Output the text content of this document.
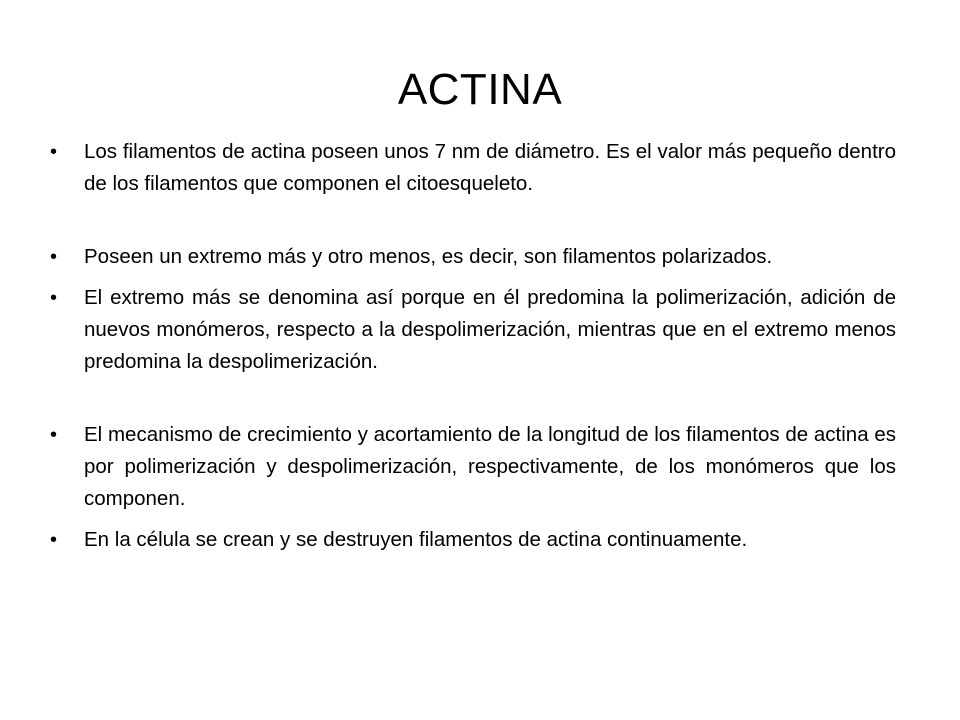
ACTINA
• Los filamentos de actina poseen unos 7 nm de diámetro. Es el valor más pequeño dentro de los filamentos que componen el citoesqueleto.
• Poseen un extremo más y otro menos, es decir, son filamentos polarizados.
• El extremo más se denomina así porque en él predomina la polimerización, adición de nuevos monómeros, respecto a la despolimerización, mientras que en el extremo menos predomina la despolimerización.
• El mecanismo de crecimiento y acortamiento de la longitud de los filamentos de actina es por polimerización y despolimerización, respectivamente, de los monómeros que los componen.
• En la célula se crean y se destruyen filamentos de actina continuamente.
